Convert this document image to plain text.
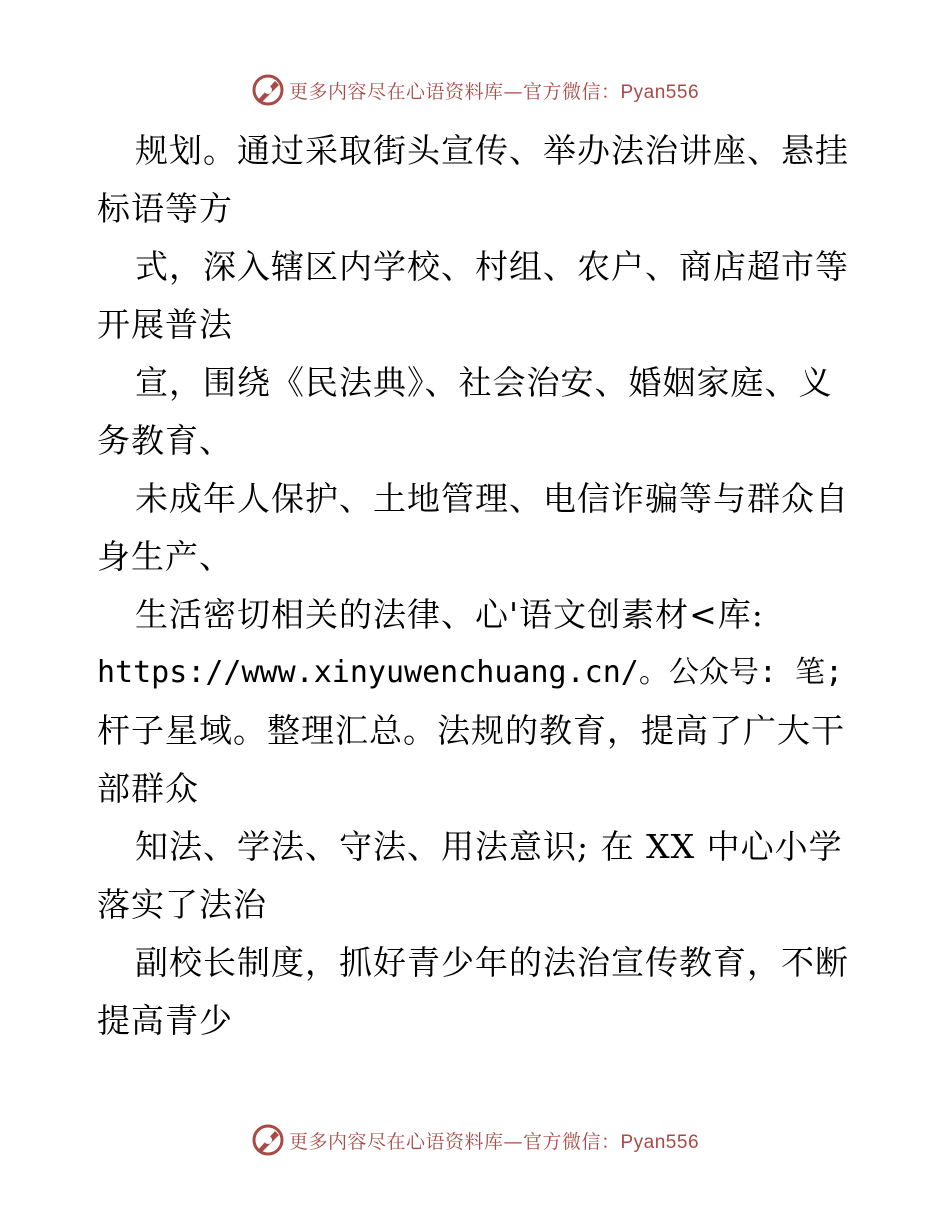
更多内容尽在心语资料库—官方微信：Pyan556
规划。通过采取街头宣传、举办法治讲座、悬挂
标语等方
式，深入辖区内学校、村组、农户、商店超市等
开展普法
宣，围绕《民法典》、社会治安、婚姻家庭、义
务教育、
未成年人保护、土地管理、电信诈骗等与群众自
身生产、
生活密切相关的法律、心'语文创素材<库:
https://www.xinyuwenchuang.cn/。公众号: 笔;
杆子星域。整理汇总。法规的教育，提高了广大干
部群众
知法、学法、守法、用法意识; 在 XX 中心小学
落实了法治
副校长制度，抓好青少年的法治宣传教育，不断
提高青少
更多内容尽在心语资料库—官方微信：Pyan556
